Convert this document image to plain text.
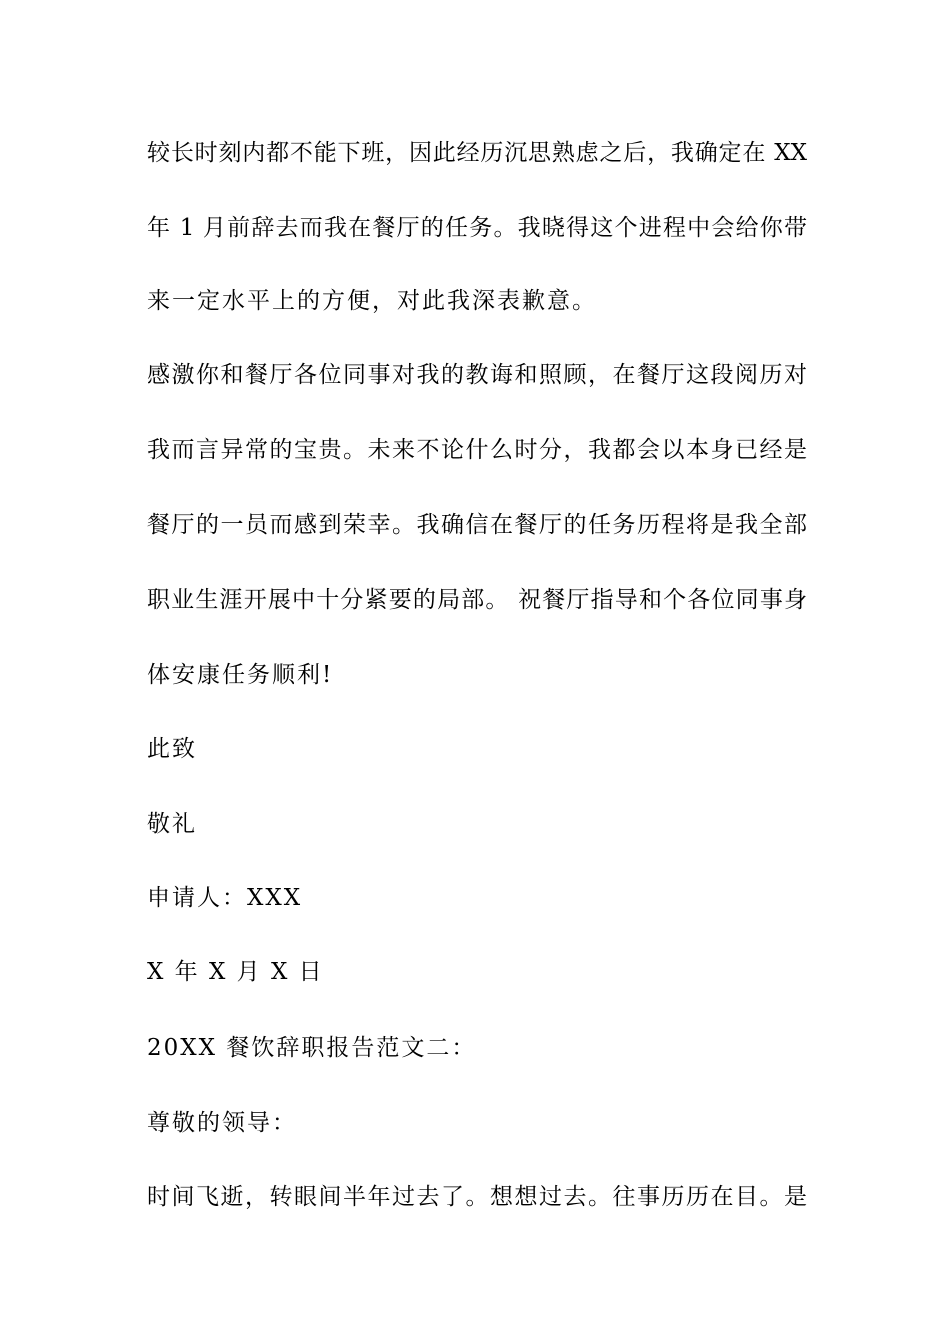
较长时刻内都不能下班，因此经历沉思熟虑之后，我确定在 XX
年 1 月前辞去而我在餐厅的任务。我晓得这个进程中会给你带
来一定水平上的方便，对此我深表歉意。
感激你和餐厅各位同事对我的教诲和照顾，在餐厅这段阅历对
我而言异常的宝贵。未来不论什么时分，我都会以本身已经是
餐厅的一员而感到荣幸。我确信在餐厅的任务历程将是我全部
职业生涯开展中十分紧要的局部。 祝餐厅指导和个各位同事身
体安康任务顺利!
此致
敬礼
申请人：XXX
X 年 X 月 X 日
20XX 餐饮辞职报告范文二：
尊敬的领导：
时间飞逝，转眼间半年过去了。想想过去。往事历历在目。是
